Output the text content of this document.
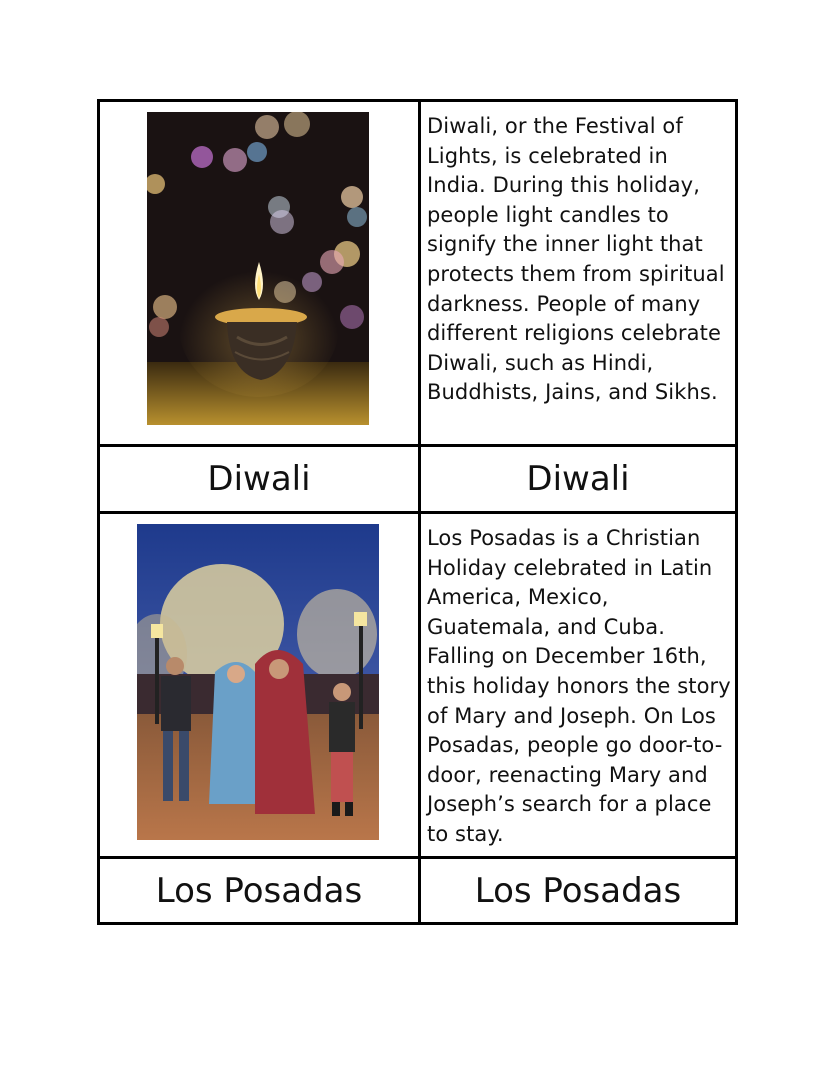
Diwali, or the Festival of Lights, is celebrated in India. During this holiday, people light candles to signify the inner light that protects them from spiritual darkness. People of many different religions celebrate Diwali, such as Hindi, Buddhists, Jains, and Sikhs.
Diwali	Diwali
Los Posadas is a Christian Holiday celebrated in Latin America, Mexico, Guatemala, and Cuba. Falling on December 16th, this holiday honors the story of Mary and Joseph. On Los Posadas, people go door-to-door, reenacting Mary and Joseph’s search for a place to stay.
Los Posadas	Los Posadas
